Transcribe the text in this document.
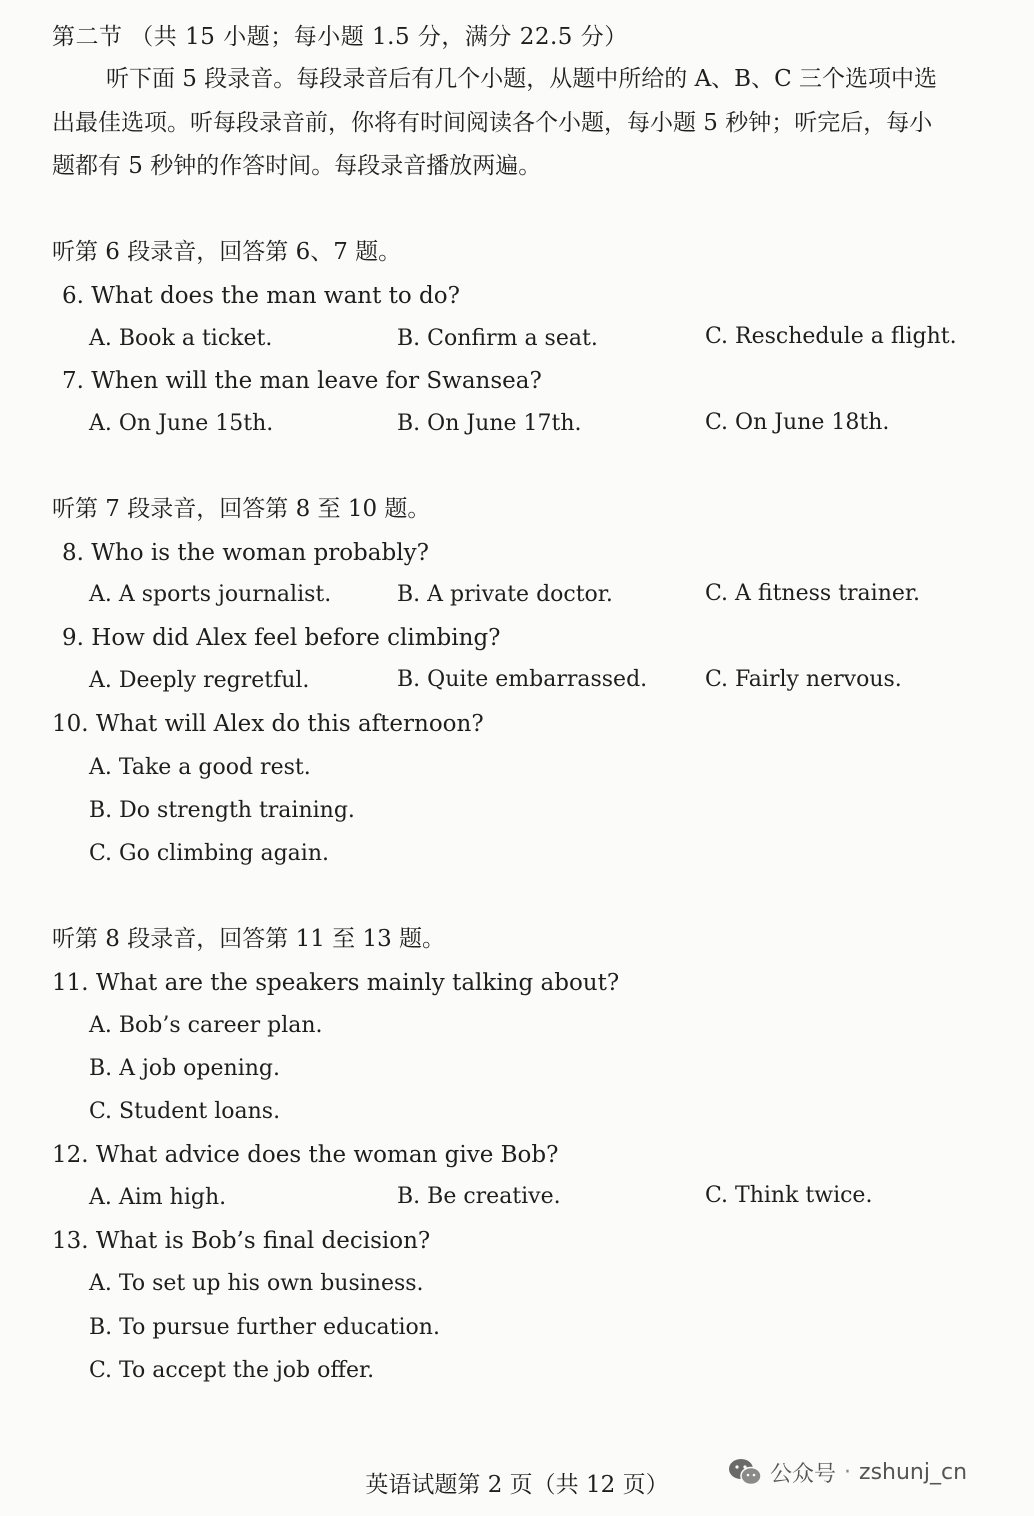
第二节 （共 15 小题；每小题 1.5 分，满分 22.5 分）
听下面 5 段录音。每段录音后有几个小题，从题中所给的 A、B、C 三个选项中选
出最佳选项。听每段录音前，你将有时间阅读各个小题，每小题 5 秒钟；听完后，每小
题都有 5 秒钟的作答时间。每段录音播放两遍。
听第 6 段录音，回答第 6、7 题。
6. What does the man want to do?
A. Book a ticket.	B. Confirm a seat.	C. Reschedule a flight.
7. When will the man leave for Swansea?
A. On June 15th.	B. On June 17th.	C. On June 18th.
听第 7 段录音，回答第 8 至 10 题。
8. Who is the woman probably?
A. A sports journalist.	B. A private doctor.	C. A fitness trainer.
9. How did Alex feel before climbing?
A. Deeply regretful.	B. Quite embarrassed.	C. Fairly nervous.
10. What will Alex do this afternoon?
A. Take a good rest.
B. Do strength training.
C. Go climbing again.
听第 8 段录音，回答第 11 至 13 题。
11. What are the speakers mainly talking about?
A. Bob’s career plan.
B. A job opening.
C. Student loans.
12. What advice does the woman give Bob?
A. Aim high.	B. Be creative.	C. Think twice.
13. What is Bob’s final decision?
A. To set up his own business.
B. To pursue further education.
C. To accept the job offer.
英语试题第 2 页（共 12 页）	公众号 · zshunj_cn
